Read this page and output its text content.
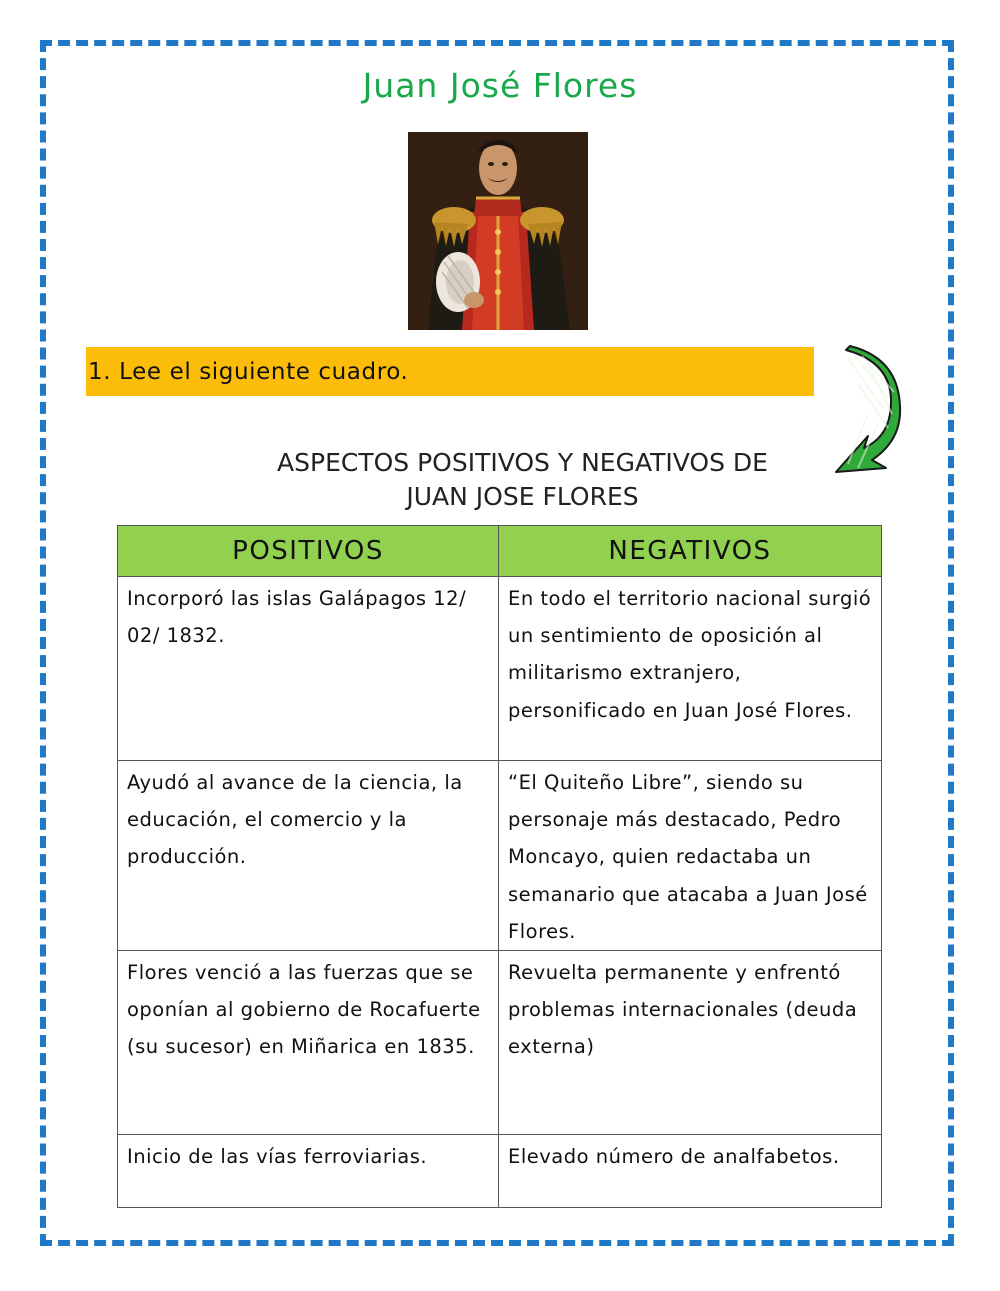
Juan José Flores
1. Lee el siguiente cuadro.
ASPECTOS POSITIVOS Y NEGATIVOS DE
JUAN JOSE FLORES
POSITIVOS	NEGATIVOS
Incorporó las islas Galápagos 12/ 02/ 1832.	En todo el territorio nacional surgió un sentimiento de oposición al militarismo extranjero, personificado en Juan José Flores.
Ayudó al avance de la ciencia, la educación, el comercio y la producción.	“El Quiteño Libre”, siendo su personaje más destacado, Pedro Moncayo, quien redactaba un semanario que atacaba a Juan José Flores.
Flores venció a las fuerzas que se oponían al gobierno de Rocafuerte (su sucesor) en Miñarica en 1835.	Revuelta permanente y enfrentó problemas internacionales (deuda externa)
Inicio de las vías ferroviarias.	Elevado número de analfabetos.
